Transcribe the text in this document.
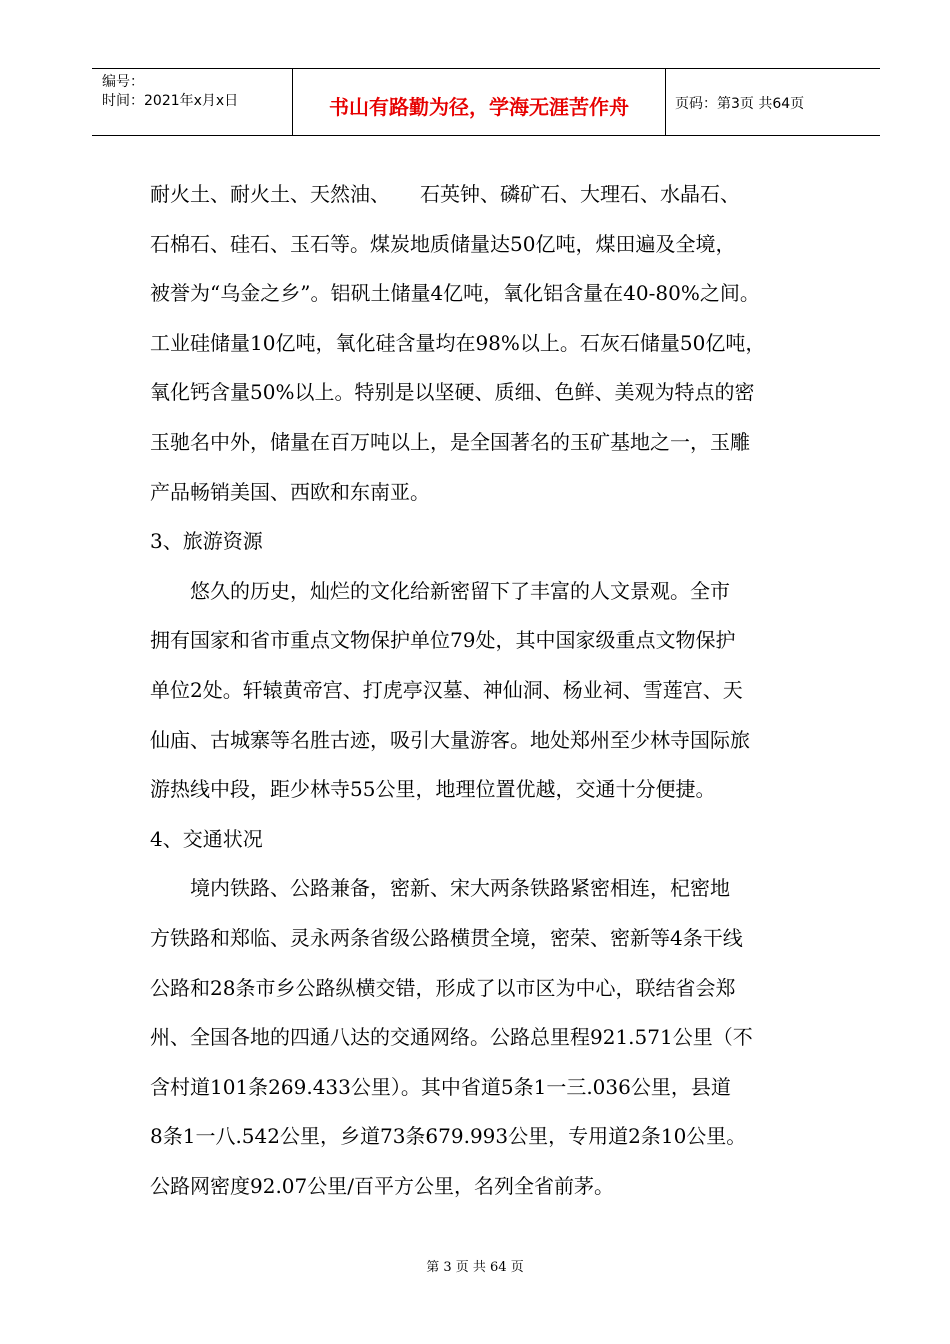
编号：
时间：2021年x月x日	书山有路勤为径，学海无涯苦作舟	页码：第3页 共64页
耐火土、耐火土、天然油、　　石英钟、磷矿石、大理石、水晶石、
石棉石、硅石、玉石等。煤炭地质储量达50亿吨，煤田遍及全境，
被誉为“乌金之乡”。铝矾土储量4亿吨，氧化铝含量在40-80%之间。
工业硅储量10亿吨，氧化硅含量均在98%以上。石灰石储量50亿吨，
氧化钙含量50%以上。特别是以坚硬、质细、色鲜、美观为特点的密
玉驰名中外，储量在百万吨以上，是全国著名的玉矿基地之一，玉雕
产品畅销美国、西欧和东南亚。
3、旅游资源
悠久的历史，灿烂的文化给新密留下了丰富的人文景观。全市
拥有国家和省市重点文物保护单位79处，其中国家级重点文物保护
单位2处。轩辕黄帝宫、打虎亭汉墓、神仙洞、杨业祠、雪莲宫、天
仙庙、古城寨等名胜古迹，吸引大量游客。地处郑州至少林寺国际旅
游热线中段，距少林寺55公里，地理位置优越，交通十分便捷。
4、交通状况
境内铁路、公路兼备，密新、宋大两条铁路紧密相连，杞密地
方铁路和郑临、灵永两条省级公路横贯全境，密荣、密新等4条干线
公路和28条市乡公路纵横交错，形成了以市区为中心，联结省会郑
州、全国各地的四通八达的交通网络。公路总里程921.571公里（不
含村道101条269.433公里）。其中省道5条1一三.036公里，县道
8条1一八.542公里，乡道73条679.993公里，专用道2条10公里。
公路网密度92.07公里/百平方公里，名列全省前茅。
第 3 页 共 64 页
